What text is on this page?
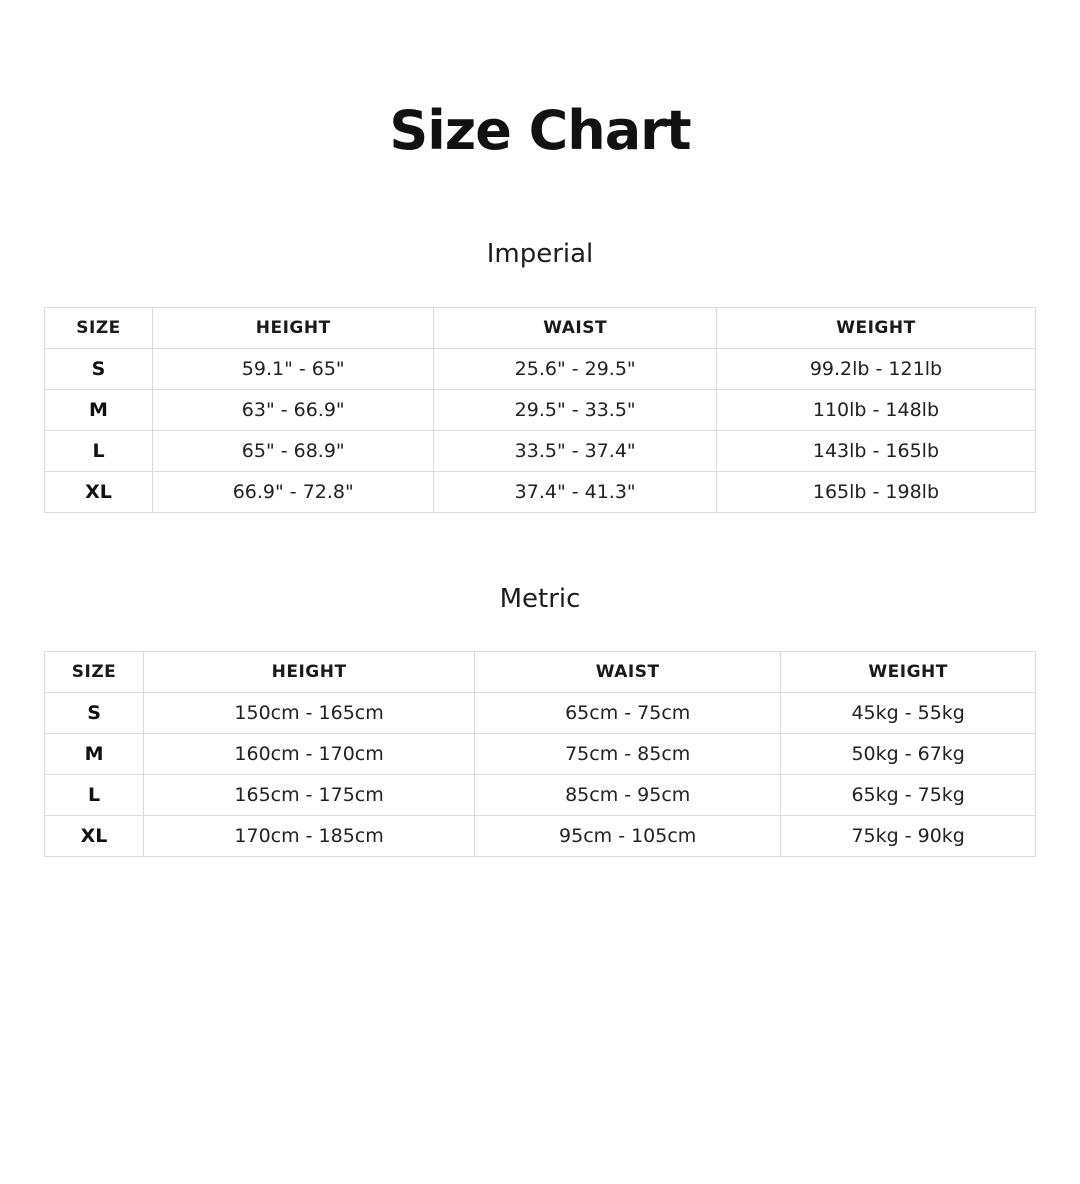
Size Chart
Imperial
SIZE	HEIGHT	WAIST	WEIGHT
S	59.1" - 65"	25.6" - 29.5"	99.2lb - 121lb
M	63" - 66.9"	29.5" - 33.5"	110lb - 148lb
L	65" - 68.9"	33.5" - 37.4"	143lb - 165lb
XL	66.9" - 72.8"	37.4" - 41.3"	165lb - 198lb
Metric
SIZE	HEIGHT	WAIST	WEIGHT
S	150cm - 165cm	65cm - 75cm	45kg - 55kg
M	160cm - 170cm	75cm - 85cm	50kg - 67kg
L	165cm - 175cm	85cm - 95cm	65kg - 75kg
XL	170cm - 185cm	95cm - 105cm	75kg - 90kg
